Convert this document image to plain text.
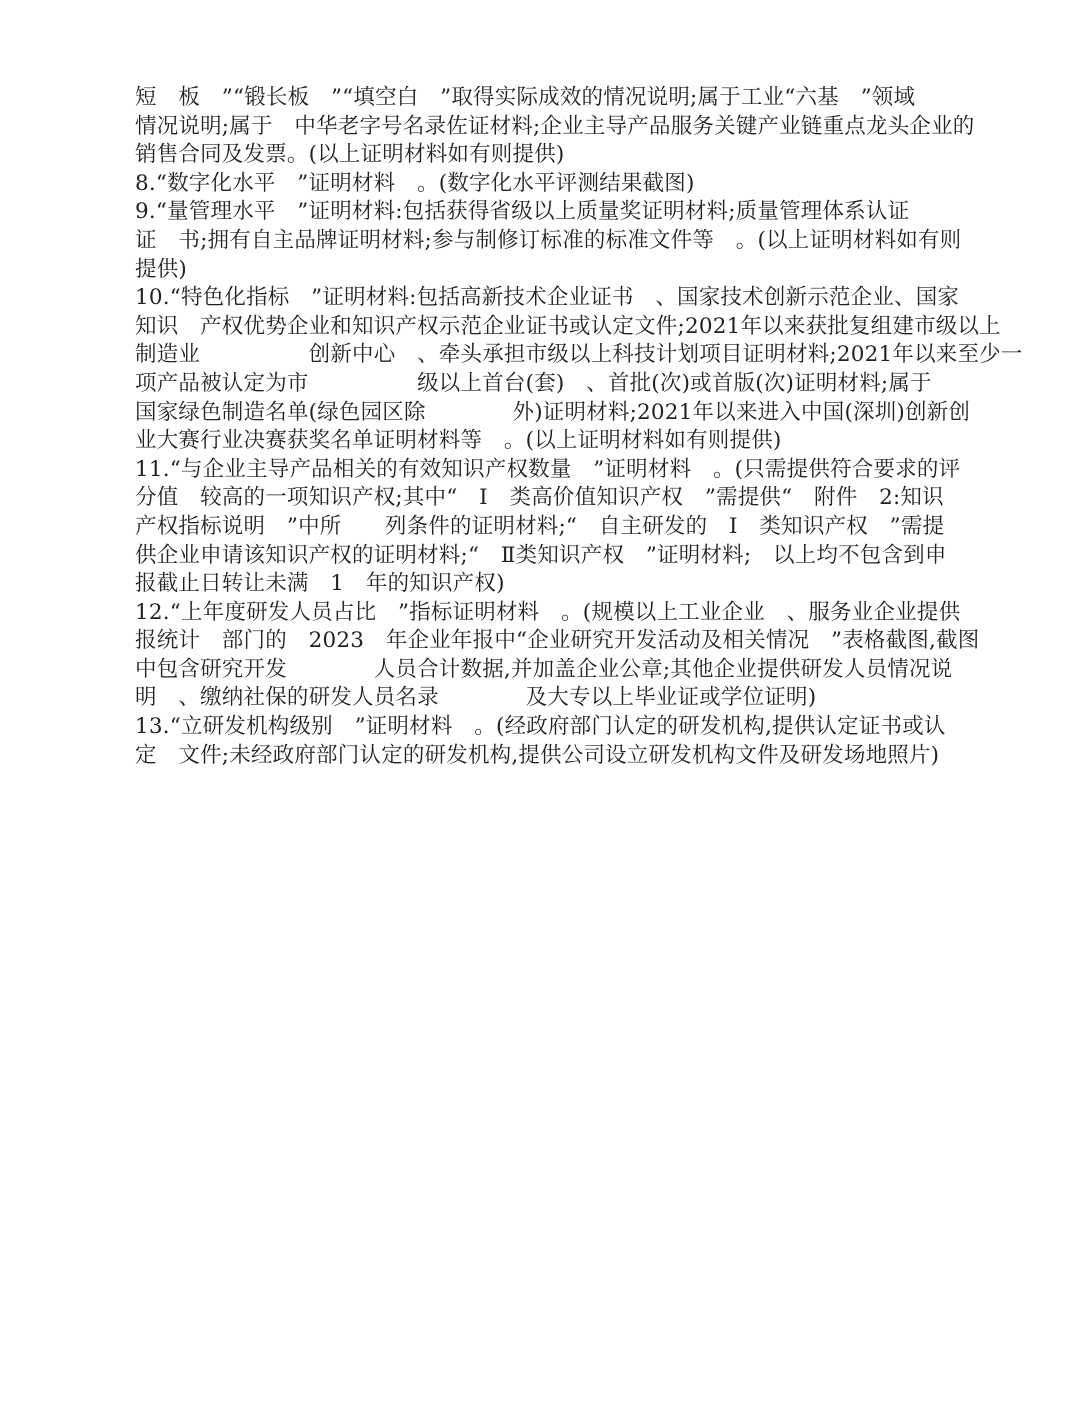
短　板　”“锻长板　”“填空白　”取得实际成效的情况说明;属于工业“六基　”领域
情况说明;属于　中华老字号名录佐证材料;企业主导产品服务关键产业链重点龙头企业的
销售合同及发票。(以上证明材料如有则提供)
8.“数字化水平　”证明材料　。(数字化水平评测结果截图)
9.“量管理水平　”证明材料:包括获得省级以上质量奖证明材料;质量管理体系认证
证　书;拥有自主品牌证明材料;参与制修订标准的标准文件等　。(以上证明材料如有则
提供)
10.“特色化指标　”证明材料:包括高新技术企业证书　、国家技术创新示范企业、国家
知识　产权优势企业和知识产权示范企业证书或认定文件;2021年以来获批复组建市级以上
制造业　　　　　创新中心　、牵头承担市级以上科技计划项目证明材料;2021年以来至少一
项产品被认定为市　　　　　级以上首台(套)　、首批(次)或首版(次)证明材料;属于
国家绿色制造名单(绿色园区除　　　　外)证明材料;2021年以来进入中国(深圳)创新创
业大赛行业决赛获奖名单证明材料等　。(以上证明材料如有则提供)
11.“与企业主导产品相关的有效知识产权数量　”证明材料　。(只需提供符合要求的评
分值　较高的一项知识产权;其中“　Ⅰ　类高价值知识产权　”需提供“　附件　2:知识
产权指标说明　”中所　　列条件的证明材料;“　自主研发的　Ⅰ　类知识产权　”需提
供企业申请该知识产权的证明材料;“　Ⅱ类知识产权　”证明材料;　以上均不包含到申
报截止日转让未满　1　年的知识产权)
12.“上年度研发人员占比　”指标证明材料　。(规模以上工业企业　、服务业企业提供
报统计　部门的　2023　年企业年报中“企业研究开发活动及相关情况　”表格截图,截图
中包含研究开发　　　　人员合计数据,并加盖企业公章;其他企业提供研发人员情况说
明　、缴纳社保的研发人员名录　　　　及大专以上毕业证或学位证明)
13.“立研发机构级别　”证明材料　。(经政府部门认定的研发机构,提供认定证书或认
定　文件;未经政府部门认定的研发机构,提供公司设立研发机构文件及研发场地照片)
